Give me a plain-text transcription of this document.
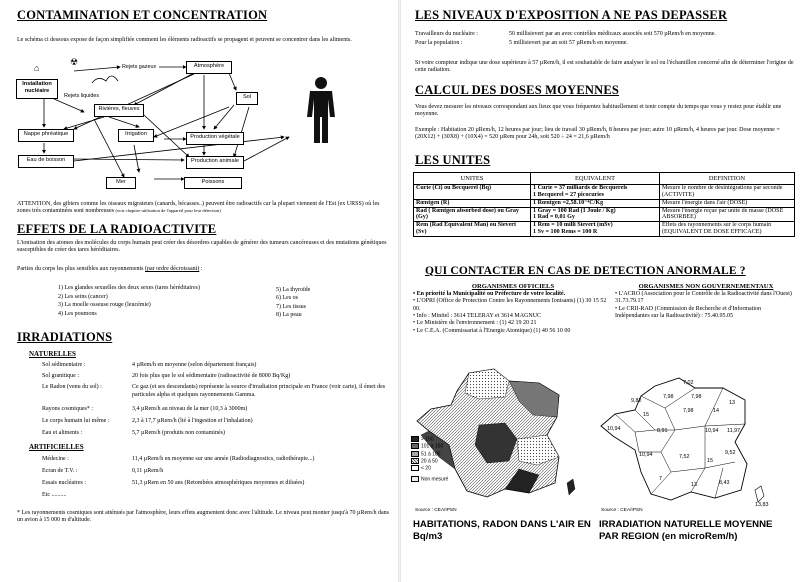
CONTAMINATION ET CONCENTRATION

Le schéma ci dessous expose de façon simplifiée comment les éléments radioactifs se propagent et peuvent se concentrer dans les aliments.

Installation nucléaire
☢
⌂	Rejets gazeux	Atmosphère
Rejets liquides
Rivières, fleuves
Sol
Nappe phréatique	Irrigation	Production végétale
Eau de boisson	Production animale
Mer	Poissons

ATTENTION, des gibiers comme les oiseaux migrateurs (canards, bécasses..) peuvent être radioactifs car la plupart viennent de l'Est (ex URSS) où les zones très contaminées sont nombreuses (voir chapitre utilisation de l'appareil pour leur détection)

EFFETS DE LA RADIOACTIVITE

L'ionisation des atomes des molécules du corps humain peut créer des désordres capables de générer des tumeurs cancéreuses et des mutations génétiques susceptibles de créer des tares héréditaires.

Parties du corps les plus sensibles aux rayonnements (par ordre décroissant) :

1) Les glandes sexuelles des deux sexes (tares héréditaires)
2) Les seins (cancer)
3) La moelle osseuse rouge (leucémie)
4) Les poumons
5) La thyroïde
6) Les os
7) Les tissus
8) La peau
IRRADIATIONS
NATURELLES
Sol sédimentaire :	4 µRem/h en moyenne (selon département français)
Sol granitique :	20 fois plus que le sol sédimentaire (radioactivité de 8000 Bq/Kg)
Le Radon (venu du sol) :	Ce gaz (et ses descendants) représente la source d'irradiation principale en France (voir carte), il émet des particules alpha et quelques rayonnements Gamma.
Rayons cosmiques* :	3,4 µRem/h au niveau de la mer (10,3 à 3000m)
Le corps humain lui même :	2,3 à 17,7 µRem/h (lié à l'ingestion et l'inhalation)
Eau et aliments :	5,7 µRem/h (produits non contaminés)
ARTIFICIELLES
Médecine :	11,4 µRem/h en moyenne sur une année (Radiodiagnostics, radiothérapie...)
Ecran de T.V. :	0,11 µRem/h
Essais nucléaires :	51,3 µRem en 50 ans (Retombées atmosphériques moyennes et diluées)
Etc ..........

* Les rayonnements cosmiques sont atténués par l'atmosphère, leurs effets augmentent donc avec l'altitude. Le niveau peut monter jusqu'à 70 µRem/h dans un avion à 15 000 m d'altitude.

LES NIVEAUX D'EXPOSITION A NE PAS DEPASSER
Travailleurs du nucléaire :	50 millisievert par an avec contrôles médicaux associés soit 570 µRem/h en moyenne.
Pour la population :	5 millisievert par an soit 57 µRem/h en moyenne.

Si votre compteur indique une dose supérieure à 57 µRem/h, il est souhaitable de faire analyser le sol ou l'échantillon concerné afin de déterminer l'origine de cette radiation.

CALCUL DES DOSES MOYENNES

Vous devez mesurer les niveaux correspondant aux lieux que vous fréquentez habituellement et tenir compte du temps que vous y restez pour établir une moyenne.

Exemple : Habitation 20 µRem/h, 12 heures par jour; lieu de travail 30 µRem/h, 8 heures par jour; autre 10 µRem/h, 4 heures par jour. Dose moyenne = (20X12) + (30X8) + (10X4) = 520 µRem pour 24h, soit 520 ÷ 24 = 21,6 µRem/h

LES UNITES
UNITES	EQUIVALENT	DEFINITION
Curie (Ci) ou Becquerel (Bq)	1 Curie = 37 milliards de Becquerels
1 Becquerel = 27 picocuries	Mesure le nombre de désintégrations par seconde (ACTIVITE)
Rœntgen (R)	1 Rœntgen =2,58.10⁻⁴C/Kg	Mesure l'énergie dans l'air (DOSE)
Rad ( Rœntgen absorbed dose) ou Gray (Gy)	1 Gray = 100 Rad (1 Joule / Kg)
1 Rad = 0,01 Gy	Mesure l'énergie reçue par unité de masse (DOSE ABSORBEE)
Rem (Rad Equivalent Man) ou Sievert (Sv)	1 Rem = 10 milli Sievert (mSv)
1 Sv = 100 Rems = 100 R	Effets des rayonnements sur le corps humain (EQUIVALENT DE DOSE EFFICACE)
QUI CONTACTER EN CAS DE DETECTION ANORMALE ?
ORGANISMES OFFICIELS
• En priorité la Municipalité ou Préfecture de votre localité.
• L'OPRI (Office de Protection Contre les Rayonnements Ionisants) (1) 30 15 52 00.
• Info : Minitel : 3614 TELERAY et 3614 MAGNUC
• Le Ministère de l'environnement : (1) 42 19 20 21
• Le C.E.A. (Commissariat à l'Energie Atomique) (1) 40 56 10 00
ORGANISMES NON GOUVERNEMENTAUX
• L'ACRO (Association pour le Contrôle de la Radioactivité dans l'Ouest) 31.73.79.17
• Le CRII-RAD (Commission de Recherche et d'Information Indépendantes sur la Radioactivité) : 75.40.95.05
> 150
101 à 150
51 à 100
20 à 50
< 20
Non mesuré
Source : CEA/IPSN
HABITATIONS, RADON DANS L'AIR EN Bq/m3
7,02
9,82
7,98	7,98
7,98	14
13
15
10,94	8,91	10,94 11,97
10,94	7,52
15
9,52
8,43
7
13
13,83
Source : CEA/IPSN
IRRADIATION NATURELLE MOYENNE PAR REGION (en microRem/h)
